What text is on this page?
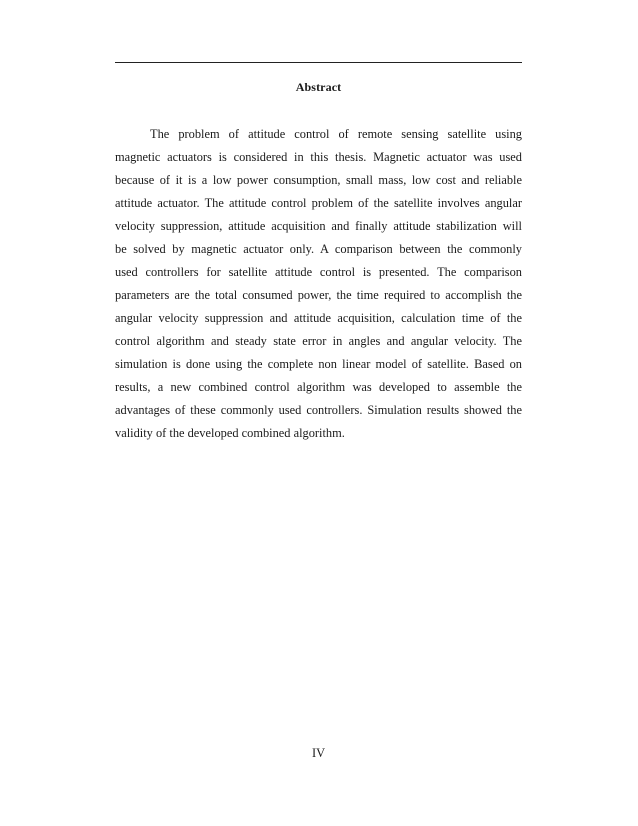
Abstract
The problem of attitude control of remote sensing satellite using
magnetic actuators is considered in this thesis. Magnetic actuator was used
because of it is a low power consumption, small mass, low cost and reliable
attitude actuator. The attitude control problem of the satellite involves angular
velocity suppression, attitude acquisition and finally attitude stabilization will
be solved by magnetic actuator only. A comparison between the commonly
used controllers for satellite attitude control is presented. The comparison
parameters are the total consumed power, the time required to accomplish the
angular velocity suppression and attitude acquisition, calculation time of the
control algorithm and steady state error in angles and angular velocity. The
simulation is done using the complete non linear model of satellite. Based on
results, a new combined control algorithm was developed to assemble the
advantages of these commonly used controllers. Simulation results showed the
validity of the developed combined algorithm.
IV
